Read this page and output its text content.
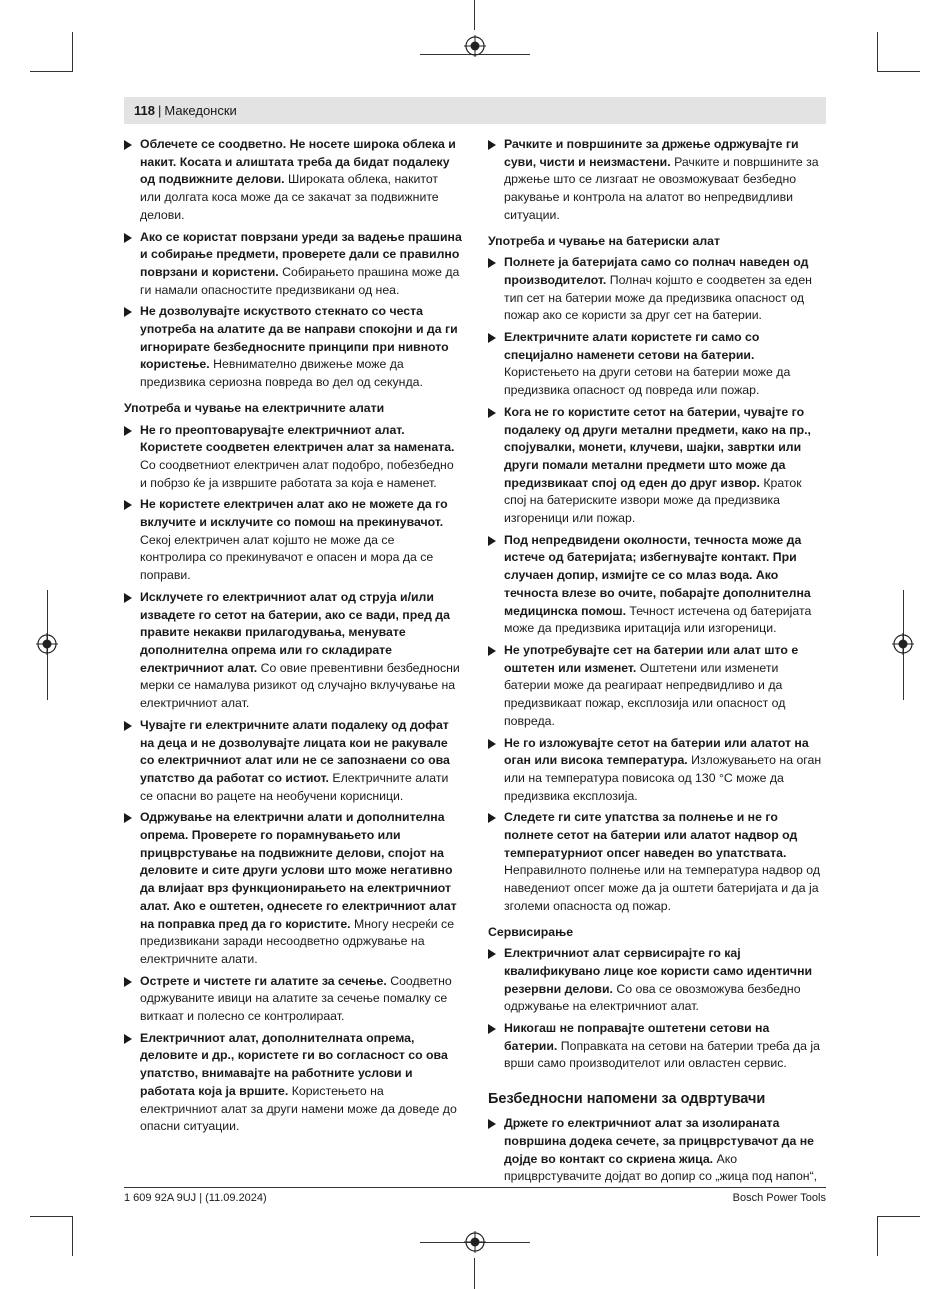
118 | Македонски
Облечете се соодветно. Не носете широка облека и накит. Косата и алиштата треба да бидат подалеку од подвижните делови. Широката облека, накитот или долгата коса може да се закачат за подвижните делови.
Ако се користат поврзани уреди за вадење прашина и собирање предмети, проверете дали се правилно поврзани и користени. Собирањето прашина може да ги намали опасностите предизвикани од неа.
Не дозволувајте искуството стекнато со честа употреба на алатите да ве направи спокојни и да ги игнорирате безбедносните принципи при нивното користење. Невнимателно движење може да предизвика сериозна повреда во дел од секунда.
Употреба и чување на електричните алати
Не го преоптоварувајте електричниот алат. Користете соодветен електричен алат за намената. Со соодветниот електричен алат подобро, побезбедно и побрзо ќе ја извршите работата за која е наменет.
Не користете електричен алат ако не можете да го вклучите и исклучите со помош на прекинувачот. Секој електричен алат којшто не може да се контролира со прекинувачот е опасен и мора да се поправи.
Исклучете го електричниот алат од струја и/или извадете го сетот на батерии, ако се вади, пред да правите некакви прилагодувања, менувате дополнителна опрема или го складирате електричниот алат. Со овие превентивни безбедносни мерки се намалува ризикот од случајно вклучување на електричниот алат.
Чувајте ги електричните алати подалеку од дофат на деца и не дозволувајте лицата кои не ракувале со електричниот алат или не се запознаени со ова упатство да работат со истиот. Електричните алати се опасни во рацете на необучени корисници.
Одржување на електрични алати и дополнителна опрема. Проверете го порамнувањето или прицврстување на подвижните делови, спојот на деловите и сите други услови што може негативно да влијаат врз функционирањето на електричниот алат. Ако е оштетен, однесете го електричниот алат на поправка пред да го користите. Многу несреќи се предизвикани заради несоодветно одржување на електричните алати.
Острете и чистете ги алатите за сечење. Соодветно одржуваните ивици на алатите за сечење помалку се виткаат и полесно се контролираат.
Електричниот алат, дополнителната опрема, деловите и др., користете ги во согласност со ова упатство, внимавајте на работните услови и работата која ја вршите. Користењето на електричниот алат за други намени може да доведе до опасни ситуации.
Рачките и површините за држење одржувајте ги суви, чисти и неизмастени. Рачките и површините за држење што се лизгаат не овозможуваат безбедно ракување и контрола на алатот во непредвидливи ситуации.
Употреба и чување на батериски алат
Полнете ја батеријата само со полнач наведен од производителот. Полнач којшто е соодветен за еден тип сет на батерии може да предизвика опасност од пожар ако се користи за друг сет на батерии.
Електричните алати користете ги само со специјално наменети сетови на батерии. Користењето на други сетови на батерии може да предизвика опасност од повреда или пожар.
Кога не го користите сетот на батерии, чувајте го подалеку од други метални предмети, како на пр., спојувалки, монети, клучеви, шајки, завртки или други помали метални предмети што може да предизвикаат спој од еден до друг извор. Краток спој на батериските извори може да предизвика изгореници или пожар.
Под непредвидени околности, течноста може да истече од батеријата; избегнувајте контакт. При случаен допир, измијте се со млаз вода. Ако течноста влезе во очите, побарајте дополнителна медицинска помош. Течност истечена од батеријата може да предизвика иритација или изгореници.
Не употребувајте сет на батерии или алат што е оштетен или изменет. Оштетени или изменети батерии може да реагираат непредвидливо и да предизвикаат пожар, експлозија или опасност од повреда.
Не го изложувајте сетот на батерии или алатот на оган или висока температура. Изложувањето на оган или на температура повисока од 130 °C може да предизвика експлозија.
Следете ги сите упатства за полнење и не го полнете сетот на батерии или алатот надвор од температурниот опсег наведен во упатствата. Неправилното полнење или на температура надвор од наведениот опсег може да ја оштети батеријата и да ја зголеми опасноста од пожар.
Сервисирање
Електричниот алат сервисирајте го кај квалификувано лице кое користи само идентични резервни делови. Со ова се овозможува безбедно одржување на електричниот алат.
Никогаш не поправајте оштетени сетови на батерии. Поправката на сетови на батерии треба да ја врши само производителот или овластен сервис.
Безбедносни напомени за одвртувачи
Држете го електричниот алат за изолираната површина додека сечете, за прицврстувачот да не дојде во контакт со скриена жица. Ако прицврстувачите дојдат во допир со „жица под напон“,
1 609 92A 9UJ | (11.09.2024)	Bosch Power Tools
